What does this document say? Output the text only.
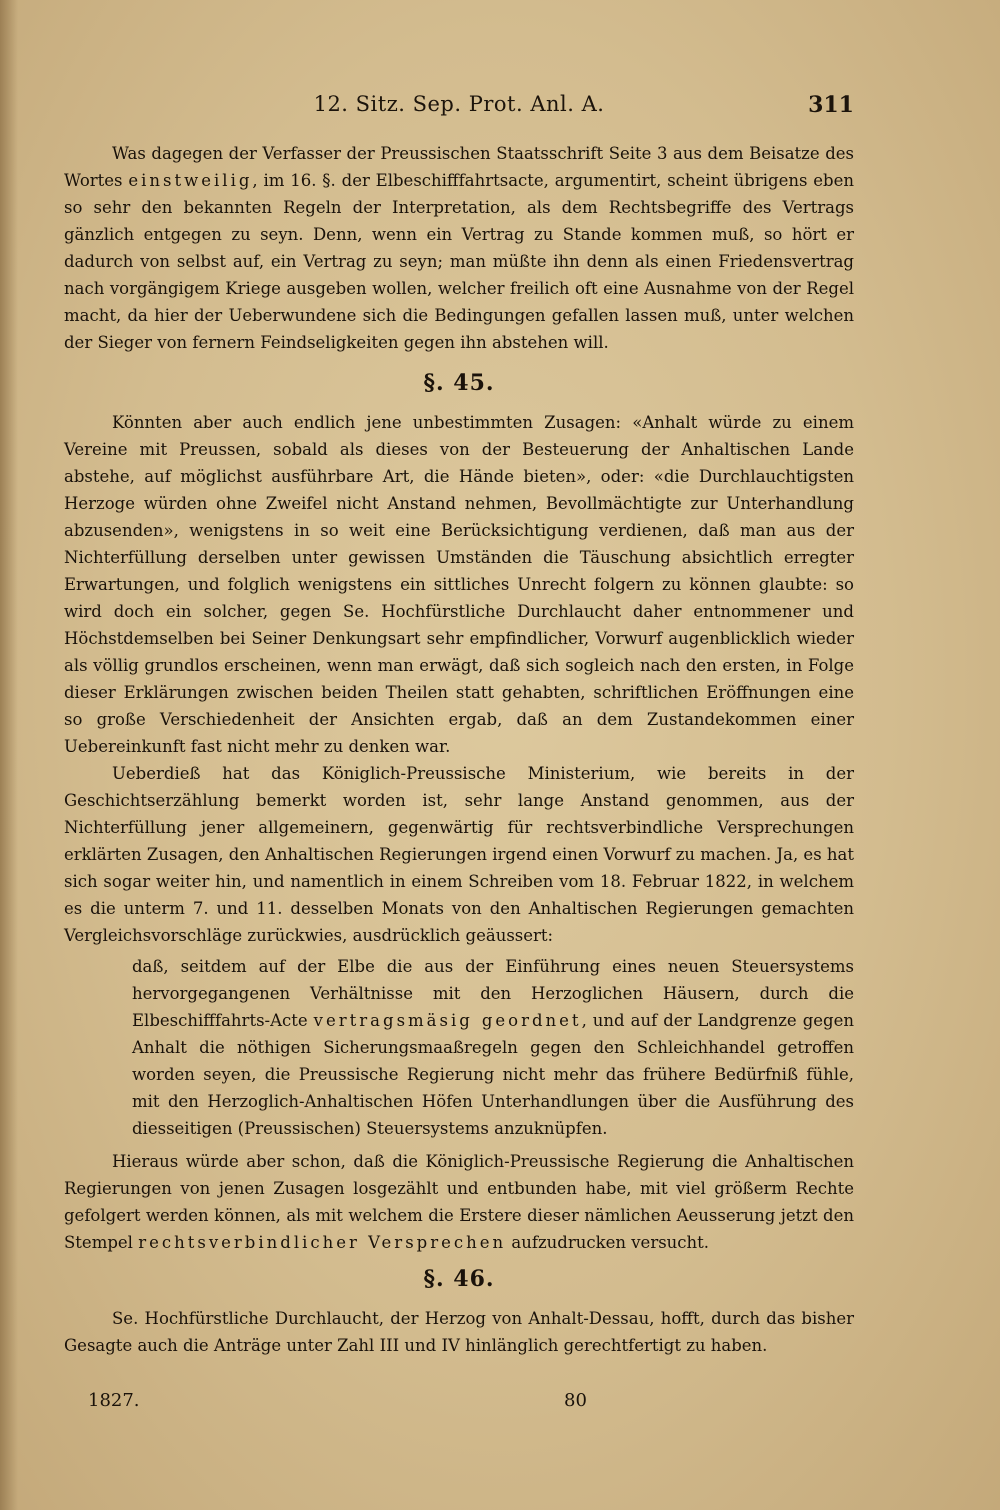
12. Sitz. Sep. Prot. Anl. A.	311

Was dagegen der Verfasser der Preussischen Staatsschrift Seite 3 aus dem Beisatze des Wortes einstweilig, im 16. §. der Elbeschifffahrtsacte, argumentirt, scheint übrigens eben so sehr den bekannten Regeln der Interpretation, als dem Rechtsbegriffe des Vertrags gänzlich entgegen zu seyn. Denn, wenn ein Vertrag zu Stande kommen muß, so hört er dadurch von selbst auf, ein Vertrag zu seyn; man müßte ihn denn als einen Friedensvertrag nach vorgängigem Kriege ausgeben wollen, welcher freilich oft eine Ausnahme von der Regel macht, da hier der Ueberwundene sich die Bedingungen gefallen lassen muß, unter welchen der Sieger von fernern Feindseligkeiten gegen ihn abstehen will.

§. 45.

Könnten aber auch endlich jene unbestimmten Zusagen: «Anhalt würde zu einem Vereine mit Preussen, sobald als dieses von der Besteuerung der Anhaltischen Lande abstehe, auf möglichst ausführbare Art, die Hände bieten», oder: «die Durchlauchtigsten Herzoge würden ohne Zweifel nicht Anstand nehmen, Bevollmächtigte zur Unterhandlung abzusenden», wenigstens in so weit eine Berücksichtigung verdienen, daß man aus der Nichterfüllung derselben unter gewissen Umständen die Täuschung absichtlich erregter Erwartungen, und folglich wenigstens ein sittliches Unrecht folgern zu können glaubte: so wird doch ein solcher, gegen Se. Hochfürstliche Durchlaucht daher entnommener und Höchstdemselben bei Seiner Denkungsart sehr empfindlicher, Vorwurf augenblicklich wieder als völlig grundlos erscheinen, wenn man erwägt, daß sich sogleich nach den ersten, in Folge dieser Erklärungen zwischen beiden Theilen statt gehabten, schriftlichen Eröffnungen eine so große Verschiedenheit der Ansichten ergab, daß an dem Zustandekommen einer Uebereinkunft fast nicht mehr zu denken war.

Ueberdieß hat das Königlich-Preussische Ministerium, wie bereits in der Geschichtserzählung bemerkt worden ist, sehr lange Anstand genommen, aus der Nichterfüllung jener allgemeinern, gegenwärtig für rechtsverbindliche Versprechungen erklärten Zusagen, den Anhaltischen Regierungen irgend einen Vorwurf zu machen. Ja, es hat sich sogar weiter hin, und namentlich in einem Schreiben vom 18. Februar 1822, in welchem es die unterm 7. und 11. desselben Monats von den Anhaltischen Regierungen gemachten Vergleichsvorschläge zurückwies, ausdrücklich geäussert:

daß, seitdem auf der Elbe die aus der Einführung eines neuen Steuersystems hervorgegangenen Verhältnisse mit den Herzoglichen Häusern, durch die Elbeschifffahrts-Acte vertragsmäsig geordnet, und auf der Landgrenze gegen Anhalt die nöthigen Sicherungsmaaßregeln gegen den Schleichhandel getroffen worden seyen, die Preussische Regierung nicht mehr das frühere Bedürfniß fühle, mit den Herzoglich-Anhaltischen Höfen Unterhandlungen über die Ausführung des diesseitigen (Preussischen) Steuersystems anzuknüpfen.

Hieraus würde aber schon, daß die Königlich-Preussische Regierung die Anhaltischen Regierungen von jenen Zusagen losgezählt und entbunden habe, mit viel größerm Rechte gefolgert werden können, als mit welchem die Erstere dieser nämlichen Aeusserung jetzt den Stempel rechtsverbindlicher Versprechen aufzudrucken versucht.

§. 46.

Se. Hochfürstliche Durchlaucht, der Herzog von Anhalt-Dessau, hofft, durch das bisher Gesagte auch die Anträge unter Zahl III und IV hinlänglich gerechtfertigt zu haben.

1827.	80
